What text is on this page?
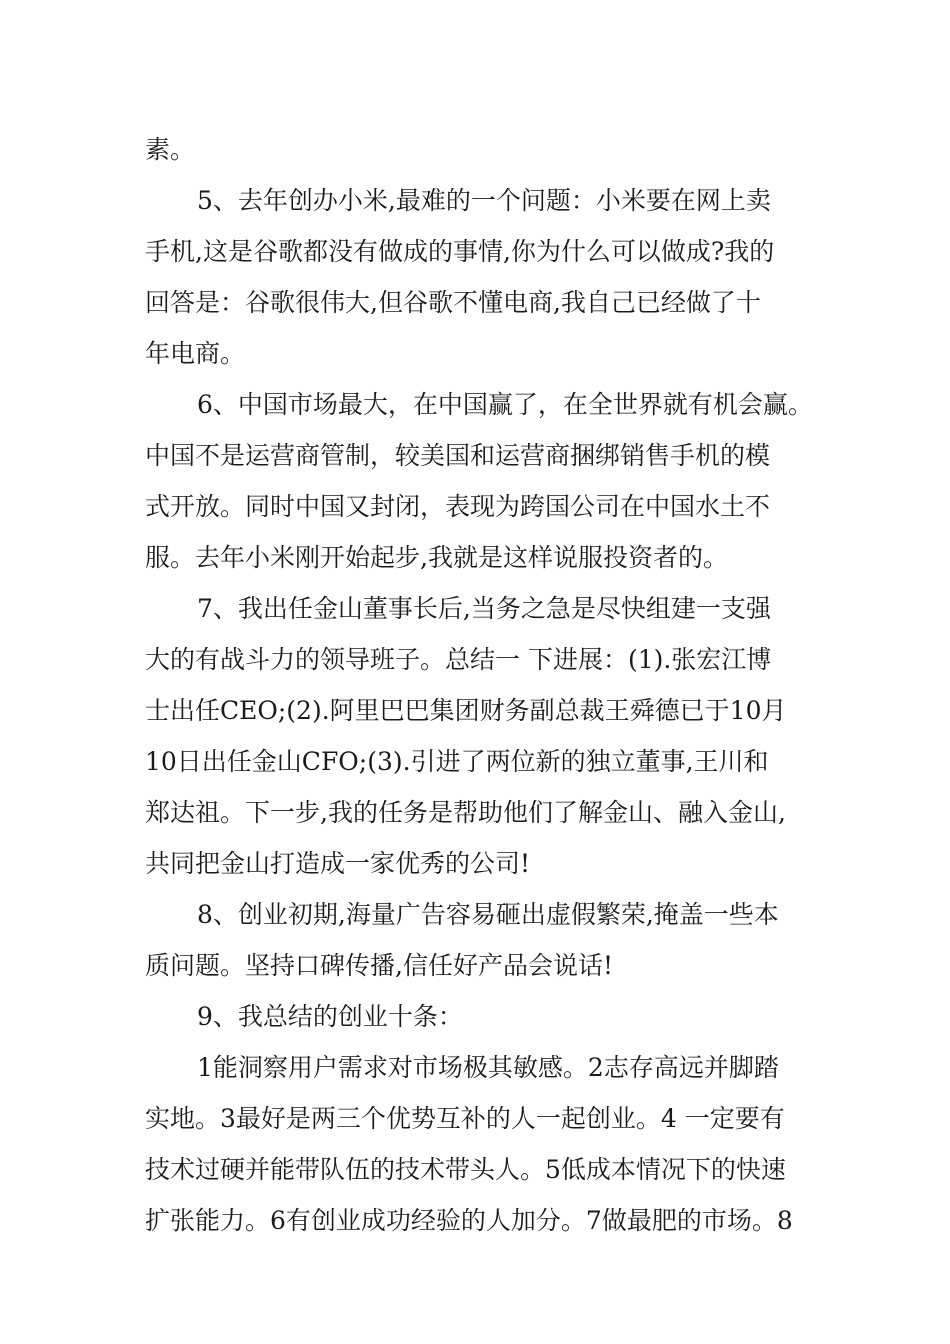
素。

5、去年创办小米,最难的一个问题：小米要在网上卖
手机,这是谷歌都没有做成的事情,你为什么可以做成?我的
回答是：谷歌很伟大,但谷歌不懂电商,我自己已经做了十
年电商。

6、中国市场最大，在中国赢了，在全世界就有机会赢。
中国不是运营商管制，较美国和运营商捆绑销售手机的模
式开放。同时中国又封闭，表现为跨国公司在中国水土不
服。去年小米刚开始起步,我就是这样说服投资者的。

7、我出任金山董事长后,当务之急是尽快组建一支强
大的有战斗力的领导班子。总结一 下进展：(1).张宏江博
士出任CEO;(2).阿里巴巴集团财务副总裁王舜德已于10月
10日出任金山CFO;(3).引进了两位新的独立董事,王川和
郑达祖。下一步,我的任务是帮助他们了解金山、融入金山,
共同把金山打造成一家优秀的公司!

8、创业初期,海量广告容易砸出虚假繁荣,掩盖一些本
质问题。坚持口碑传播,信任好产品会说话!

9、我总结的创业十条：

1能洞察用户需求对市场极其敏感。2志存高远并脚踏
实地。3最好是两三个优势互补的人一起创业。4 一定要有
技术过硬并能带队伍的技术带头人。5低成本情况下的快速
扩张能力。6有创业成功经验的人加分。7做最肥的市场。8
